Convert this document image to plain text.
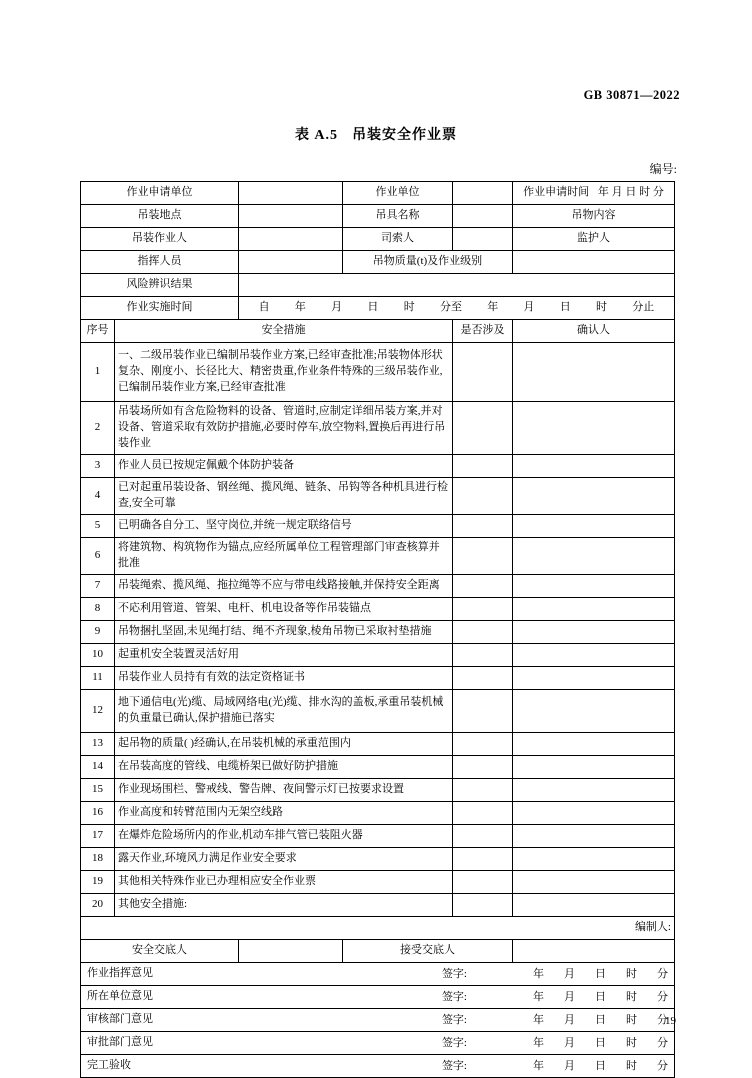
GB 30871—2022
表 A.5 吊装安全作业票
编号:
作业申请单位			作业单位		作业申请时间 年 月 日 时 分
吊装地点			吊具名称		吊物内容
吊装作业人			司索人		监护人
指挥人员			吊物质量(t)及作业级别		
风险辨识结果					
作业实施时间	自 年 月 日 时 分至 年 月 日 时 分止

序号	安全措施			是否涉及	确认人
1	一、二级吊装作业已编制吊装作业方案,已经审查批准;吊装物体形状复杂、刚度小、长径比大、精密贵重,作业条件特殊的三级吊装作业,已编制吊装作业方案,已经审查批准				
2	吊装场所如有含危险物料的设备、管道时,应制定详细吊装方案,并对设备、管道采取有效防护措施,必要时停车,放空物料,置换后再进行吊装作业				
3	作业人员已按规定佩戴个体防护装备				
4	已对起重吊装设备、钢丝绳、揽风绳、链条、吊钩等各种机具进行检查,安全可靠				
5	已明确各自分工、坚守岗位,并统一规定联络信号				
6	将建筑物、构筑物作为锚点,应经所属单位工程管理部门审查核算并批准				
7	吊装绳索、揽风绳、拖拉绳等不应与带电线路接触,并保持安全距离				
8	不応利用管道、管架、电杆、机电设备等作吊装锚点				
9	吊物捆扎坚固,未见绳打结、绳不齐现象,棱角吊物已采取衬垫措施				
10	起重机安全装置灵活好用				
11	吊装作业人员持有有效的法定资格证书				
12	地下通信电(光)缆、局域网络电(光)缆、排水沟的盖板,承重吊装机械的负重量已确认,保护措施已落实				
13	起吊物的质量( )经确认,在吊装机械的承重范围内				
14	在吊装高度的管线、电缆桥架已做好防护措施				
15	作业现场围栏、警戒线、警告牌、夜间警示灯已按要求设置				
16	作业高度和转臂范围内无架空线路				
17	在爆炸危险场所内的作业,机动车排气管已装阻火器				
18	露天作业,环境风力满足作业安全要求				
19	其他相关特殊作业已办理相应安全作业票				
20	其他安全措施:				
编制人:					
安全交底人			接受交底人		

作业指挥意见 签字: 年 月 日 时 分					

所在单位意见 签字: 年 月 日 时 分					

审核部门意见 签字: 年 月 日 时 分					

审批部门意见 签字: 年 月 日 时 分					

完工验收 签字: 年 月 日 时 分					
19
